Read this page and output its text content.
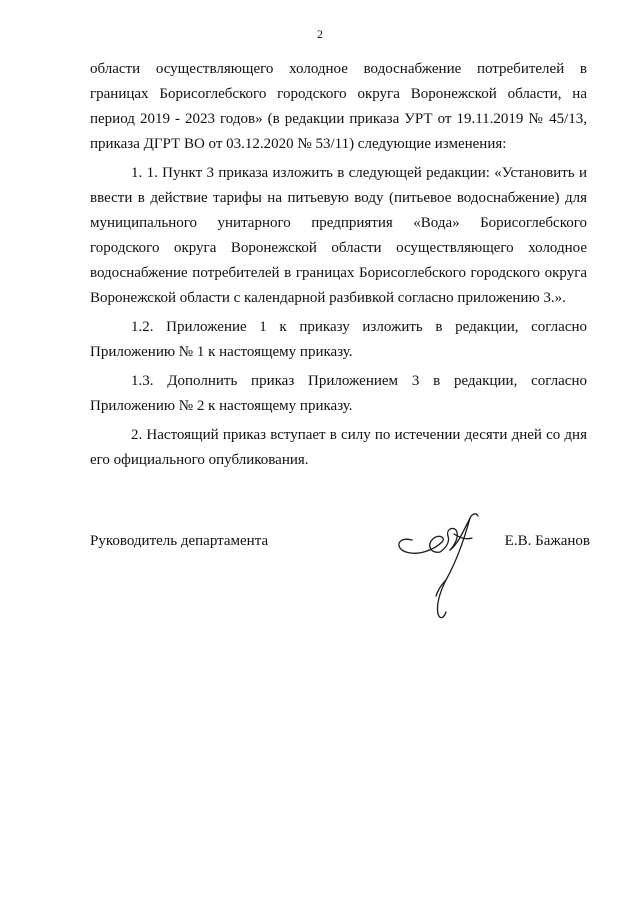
2

области осуществляющего холодное водоснабжение потребителей в границах Борисоглебского городского округа Воронежской области, на период 2019 - 2023 годов» (в редакции приказа УРТ от 19.11.2019 № 45/13, приказа ДГРТ ВО от 03.12.2020 № 53/11) следующие изменения:

1. 1. Пункт 3 приказа изложить в следующей редакции: «Установить и ввести в действие тарифы на питьевую воду (питьевое водоснабжение) для муниципального унитарного предприятия «Вода» Борисоглебского городского округа Воронежской области осуществляющего холодное водоснабжение потребителей в границах Борисоглебского городского округа Воронежской области с календарной разбивкой согласно приложению 3.».

1.2. Приложение 1 к приказу изложить в редакции, согласно Приложению № 1 к настоящему приказу.

1.3. Дополнить приказ Приложением 3 в редакции, согласно Приложению № 2 к настоящему приказу.

2. Настоящий приказ вступает в силу по истечении десяти дней со дня его официального опубликования.

Руководитель департамента	Е.В. Бажанов
